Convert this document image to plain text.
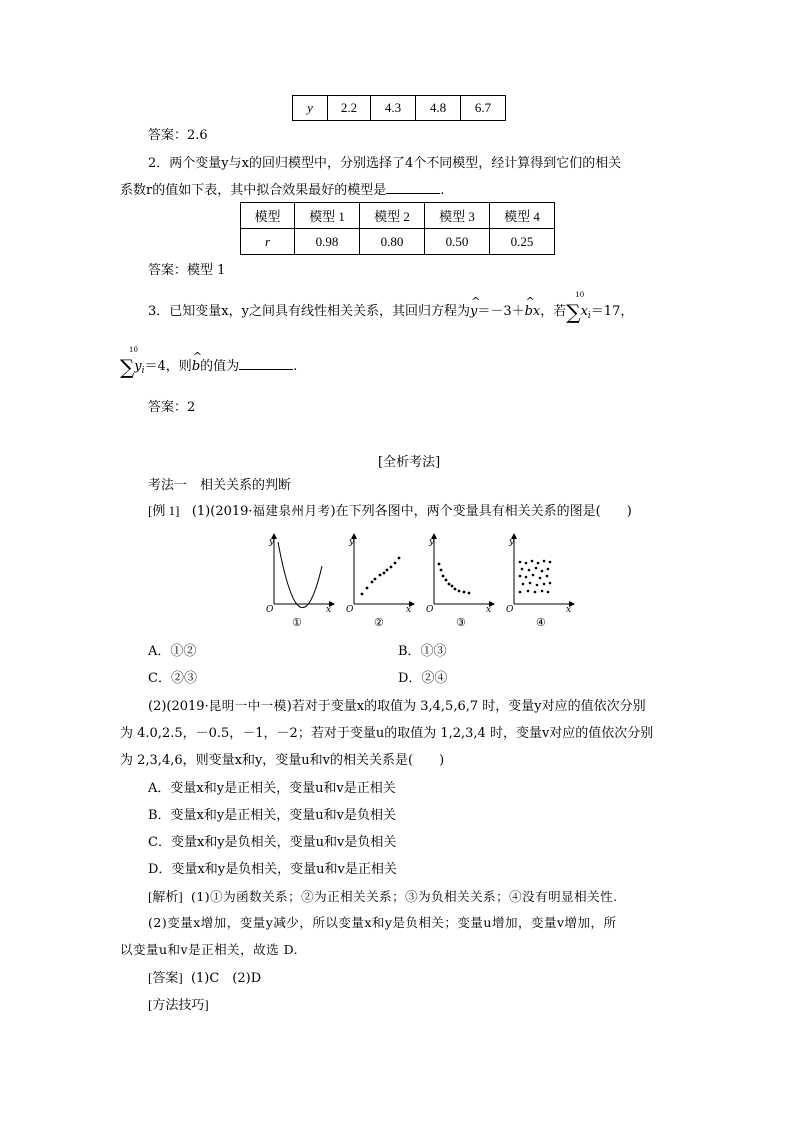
y	2.2	4.3	4.8	6.7
答案：2.6
2．两个变量y与x的回归模型中，分别选择了4个不同模型，经计算得到它们的相关
系数r的值如下表，其中拟合效果最好的模型是	.
模型	模型 1	模型 2	模型 3	模型 4
r	0.98	0.80	0.50	0.25
答案：模型 1
3．已知变量x，y之间具有线性相关关系，其回归方程为^ y＝－3＋^ bx，若∑
10
$x_i=17$，
∑
10
$y_i=4$，则^ b的值为	.
答案：2
[全析考法]
考法一　相关关系的判断
[例 1] (1)(2019·福建泉州月考)在下列各图中，两个变量具有相关关系的图是(　　)
y
O	x
①
y
O	x
②
y
O	x
③
y
O	x
④
A．①②	B．①③
C．②③	D．②④
(2)(2019·昆明一中一模)若对于变量x的取值为 3,4,5,6,7 时，变量y对应的值依次分别
为 4.0,2.5，－0.5，－1，－2；若对于变量u的取值为 1,2,3,4 时，变量v对应的值依次分别
为 2,3,4,6，则变量x和y，变量u和v的相关关系是(　　)
A．变量x和y是正相关，变量u和v是正相关
B．变量x和y是正相关，变量u和v是负相关
C．变量x和y是负相关，变量u和v是负相关
D．变量x和y是负相关，变量u和v是正相关
[解析] (1)①为函数关系；②为正相关关系；③为负相关关系；④没有明显相关性.
(2)变量x增加，变量y减少，所以变量x和y是负相关；变量u增加，变量v增加，所
以变量u和v是正相关，故选 D.
[答案] (1)C　(2)D
[方法技巧]
